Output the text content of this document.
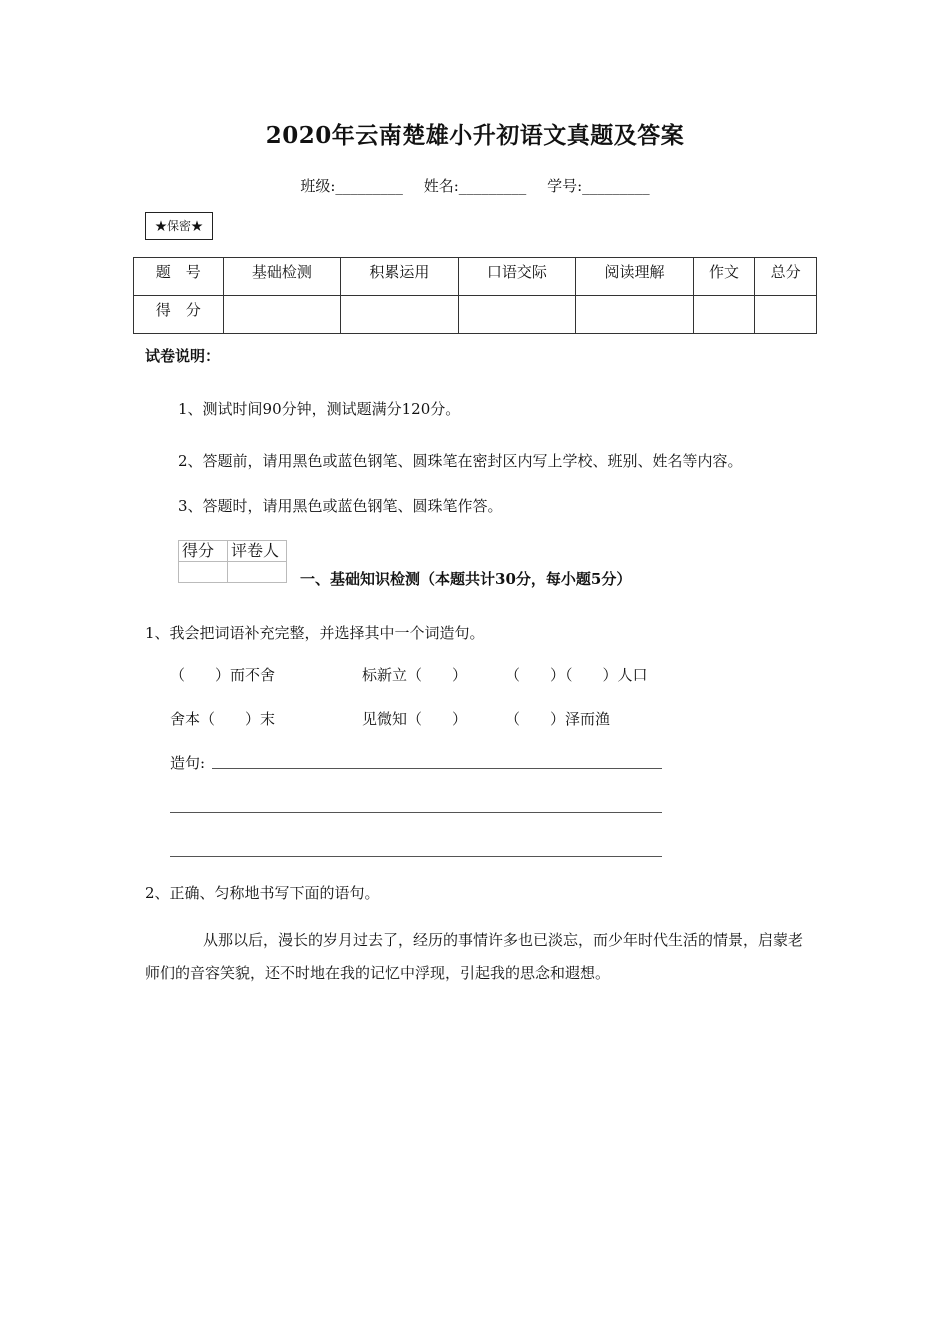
2020年云南楚雄小升初语文真题及答案
班级:_________ 姓名:_________ 学号:_________
★保密★
题　号	基础检测	积累运用	口语交际	阅读理解	作文	总分
得　分						
试卷说明：
1、测试时间90分钟，测试题满分120分。
2、答题前，请用黑色或蓝色钢笔、圆珠笔在密封区内写上学校、班别、姓名等内容。
3、答题时，请用黑色或蓝色钢笔、圆珠笔作答。
得分	评卷人

一、基础知识检测（本题共计30分，每小题5分）
1、我会把词语补充完整，并选择其中一个词造句。
（　　）而不舍	标新立（　　）	（　　）（　　）人口
舍本（　　）末	见微知（　　）	（　　）泽而渔
造句:
2、正确、匀称地书写下面的语句。
从那以后，漫长的岁月过去了，经历的事情许多也已淡忘，而少年时代生活的情景，启蒙老师们的音容笑貌，还不时地在我的记忆中浮现，引起我的思念和遐想。
